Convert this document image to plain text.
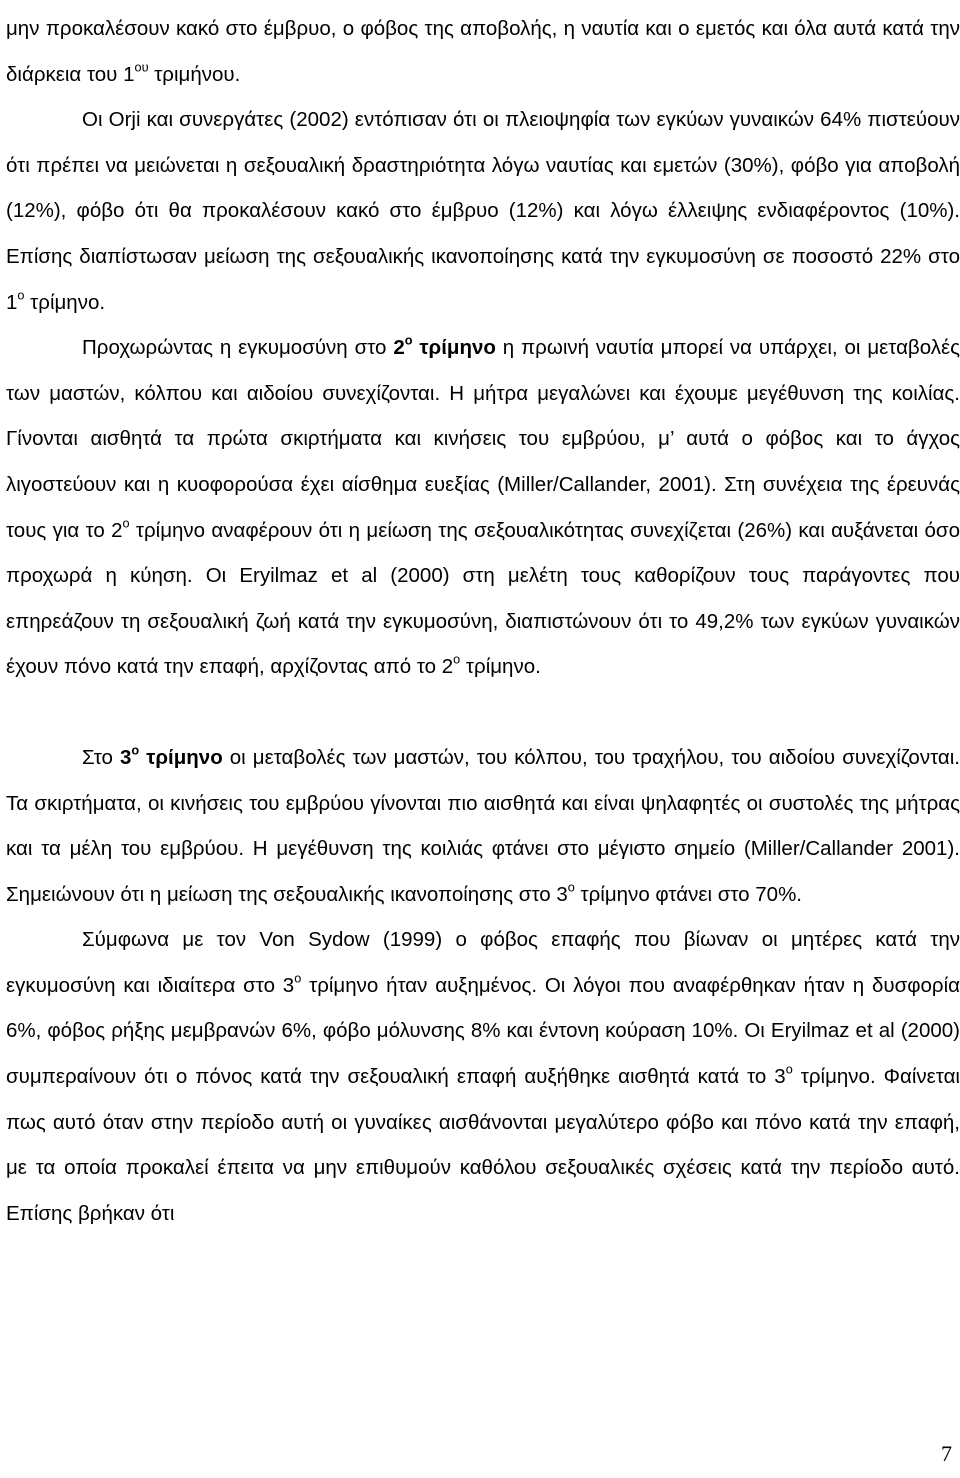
μην προκαλέσουν κακό στο έμβρυο, ο φόβος της αποβολής, η ναυτία και ο εμετός και όλα αυτά κατά την διάρκεια του $1^{o\upsilon}$ τριμήνου.

Οι Orji και συνεργάτες (2002) εντόπισαν ότι οι πλειοψηφία των εγκύων γυναικών 64% πιστεύουν ότι πρέπει να μειώνεται η σεξουαλική δραστηριότητα λόγω ναυτίας και εμετών (30%), φόβο για αποβολή (12%), φόβο ότι θα προκαλέσουν κακό στο έμβρυο (12%) και λόγω έλλειψης ενδιαφέροντος (10%). Επίσης διαπίστωσαν μείωση της σεξουαλικής ικανοποίησης κατά την εγκυμοσύνη σε ποσοστό 22% στο $1^o$ τρίμηνο.

Προχωρώντας η εγκυμοσύνη στο $2^o$ τρίμηνο η πρωινή ναυτία μπορεί να υπάρχει, οι μεταβολές των μαστών, κόλπου και αιδοίου συνεχίζονται. Η μήτρα μεγαλώνει και έχουμε μεγέθυνση της κοιλίας. Γίνονται αισθητά τα πρώτα σκιρτήματα και κινήσεις του εμβρύου, μ’ αυτά ο φόβος και το άγχος λιγοστεύουν και η κυοφορούσα έχει αίσθημα ευεξίας (Miller/Callander, 2001). Στη συνέχεια της έρευνάς τους για το $2^o$ τρίμηνο αναφέρουν ότι η μείωση της σεξουαλικότητας συνεχίζεται (26%) και αυξάνεται όσο προχωρά η κύηση. Οι Eryilmaz et al (2000) στη μελέτη τους καθορίζουν τους παράγοντες που επηρεάζουν τη σεξουαλική ζωή κατά την εγκυμοσύνη, διαπιστώνουν ότι το 49,2% των εγκύων γυναικών έχουν πόνο κατά την επαφή, αρχίζοντας από το $2^o$ τρίμηνο.

Στο $3^o$ τρίμηνο οι μεταβολές των μαστών, του κόλπου, του τραχήλου, του αιδοίου συνεχίζονται. Τα σκιρτήματα, οι κινήσεις του εμβρύου γίνονται πιο αισθητά και είναι ψηλαφητές οι συστολές της μήτρας και τα μέλη του εμβρύου. Η μεγέθυνση της κοιλιάς φτάνει στο μέγιστο σημείο (Miller/Callander 2001). Σημειώνουν ότι η μείωση της σεξουαλικής ικανοποίησης στο $3^o$ τρίμηνο φτάνει στο 70%.

Σύμφωνα με τον Von Sydow (1999) ο φόβος επαφής που βίωναν οι μητέρες κατά την εγκυμοσύνη και ιδιαίτερα στο $3^o$ τρίμηνο ήταν αυξημένος. Οι λόγοι που αναφέρθηκαν ήταν η δυσφορία 6%, φόβος ρήξης μεμβρανών 6%, φόβο μόλυνσης 8% και έντονη κούραση 10%. Οι Eryilmaz et al (2000) συμπεραίνουν ότι ο πόνος κατά την σεξουαλική επαφή αυξήθηκε αισθητά κατά το $3^o$ τρίμηνο. Φαίνεται πως αυτό όταν στην περίοδο αυτή οι γυναίκες αισθάνονται μεγαλύτερο φόβο και πόνο κατά την επαφή, με τα οποία προκαλεί έπειτα να μην επιθυμούν καθόλου σεξουαλικές σχέσεις κατά την περίοδο αυτό. Επίσης βρήκαν ότι

7
